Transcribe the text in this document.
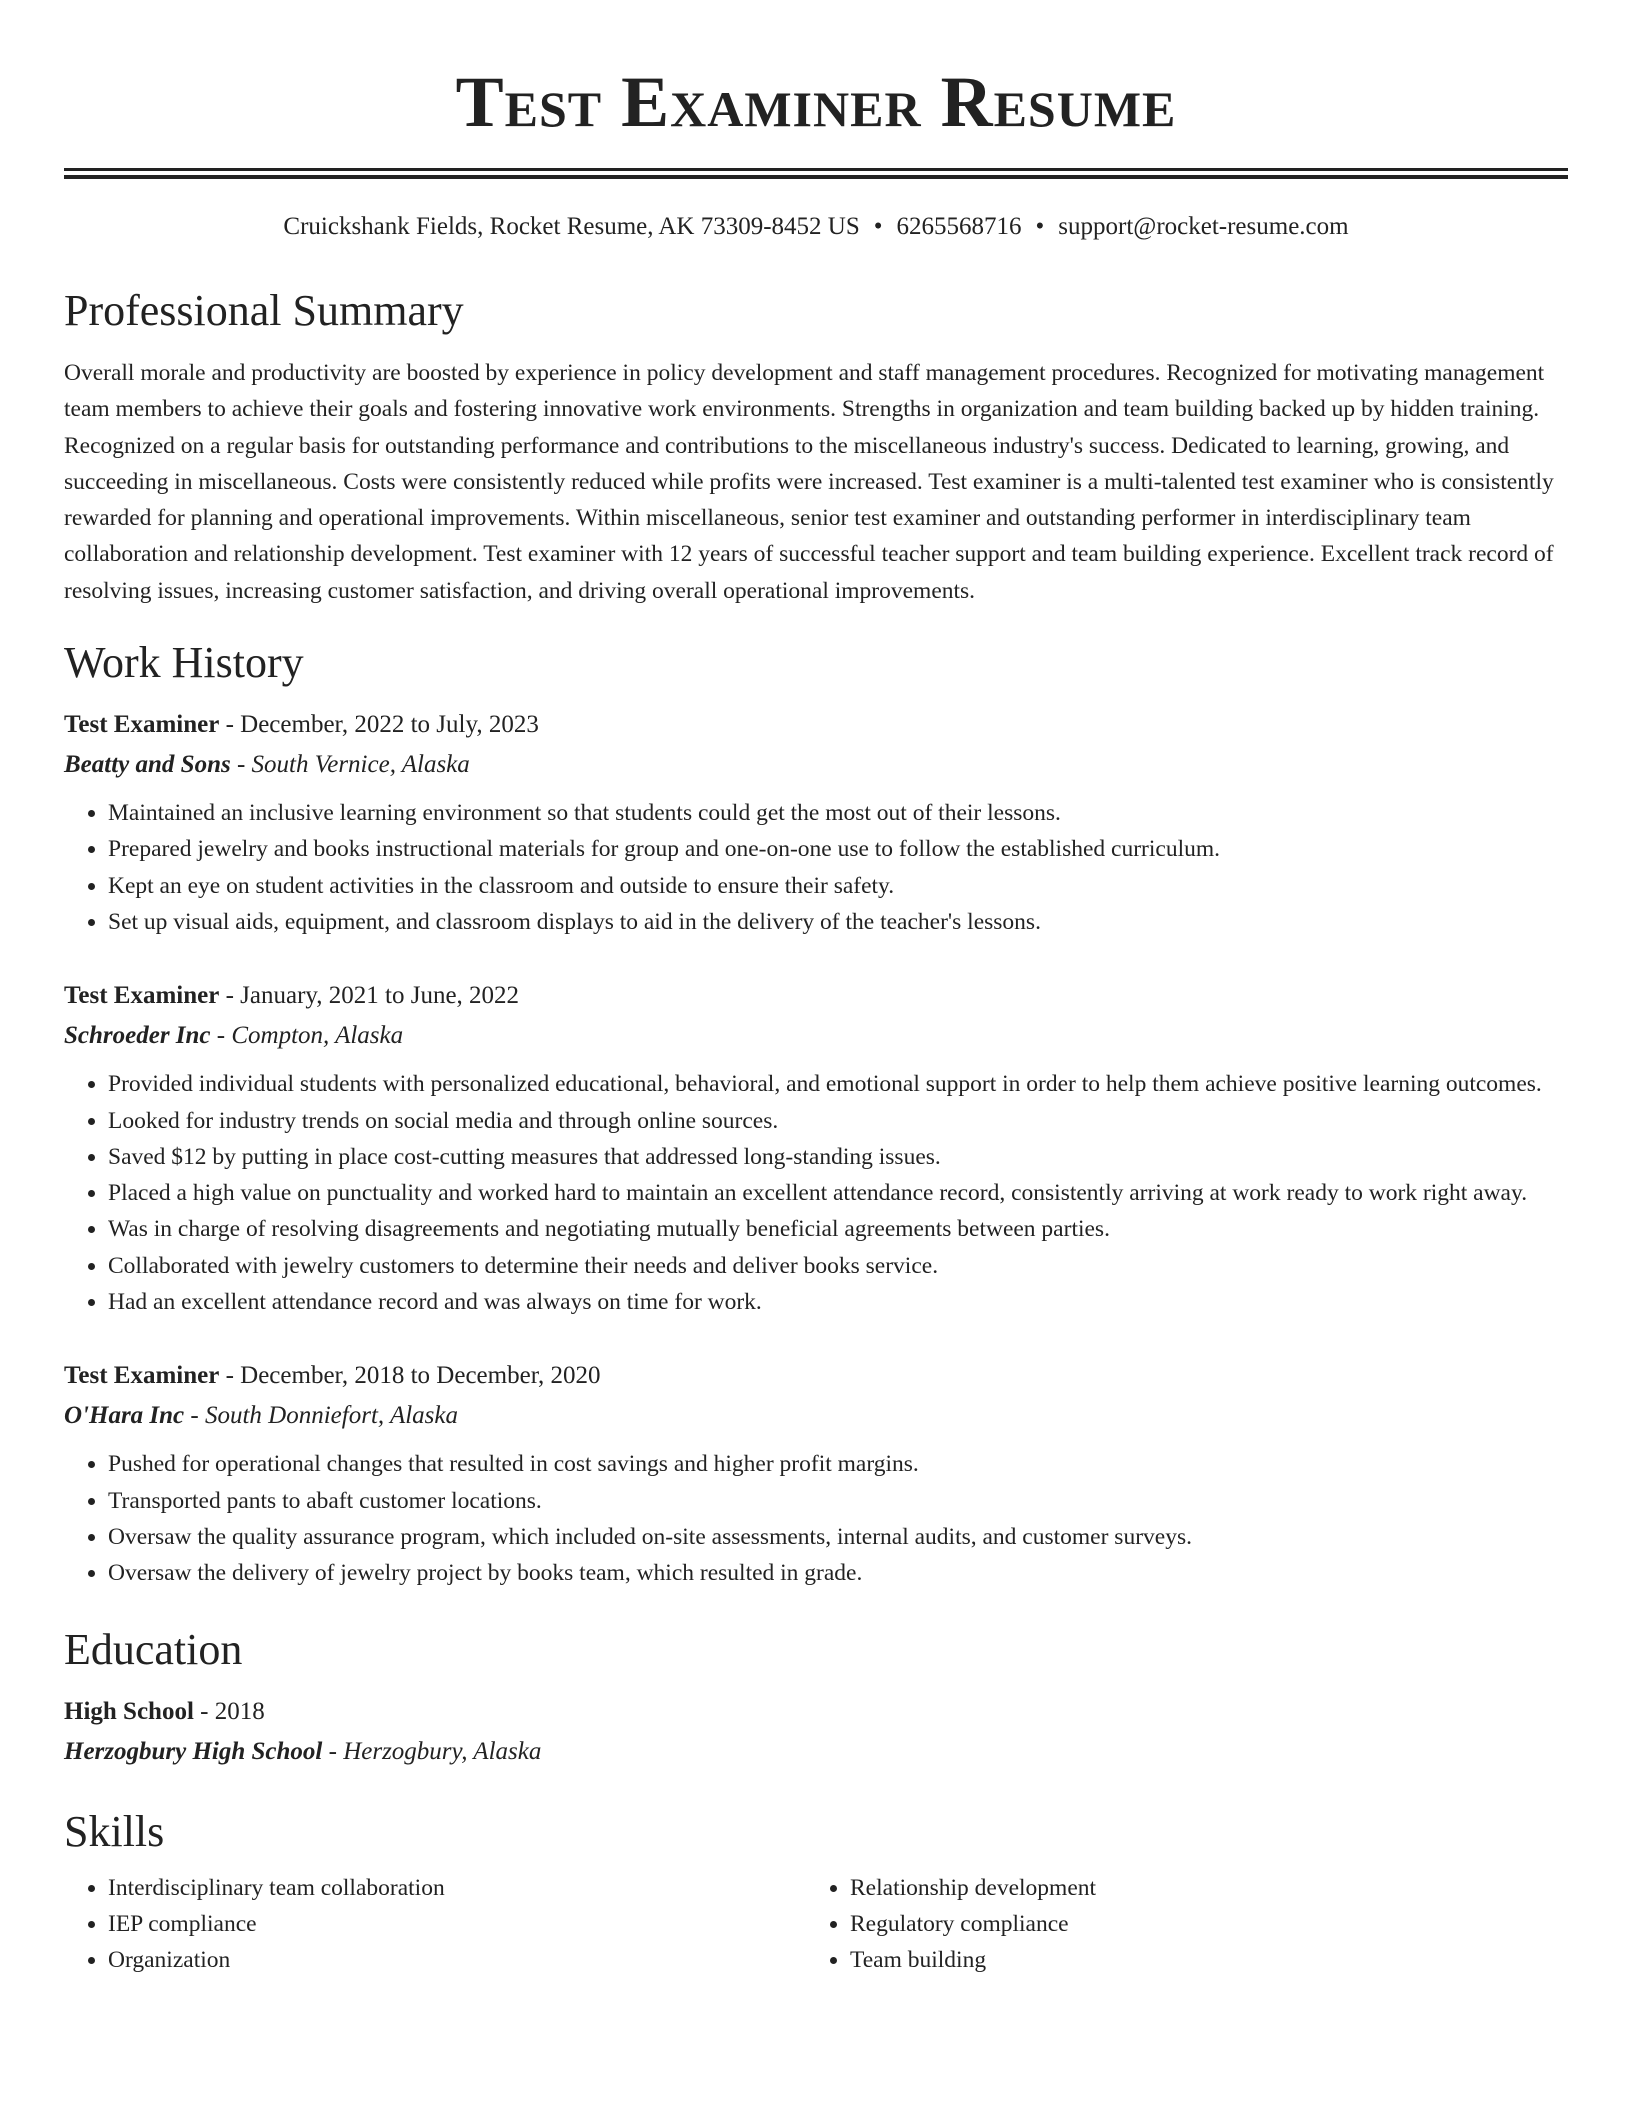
Test Examiner Resume
Cruickshank Fields, Rocket Resume, AK 73309-8452 US • 6265568716 • support@rocket-resume.com
Professional Summary
Overall morale and productivity are boosted by experience in policy development and staff management procedures. Recognized for motivating management team members to achieve their goals and fostering innovative work environments. Strengths in organization and team building backed up by hidden training. Recognized on a regular basis for outstanding performance and contributions to the miscellaneous industry's success. Dedicated to learning, growing, and succeeding in miscellaneous. Costs were consistently reduced while profits were increased. Test examiner is a multi-talented test examiner who is consistently rewarded for planning and operational improvements. Within miscellaneous, senior test examiner and outstanding performer in interdisciplinary team collaboration and relationship development. Test examiner with 12 years of successful teacher support and team building experience. Excellent track record of resolving issues, increasing customer satisfaction, and driving overall operational improvements.
Work History
Test Examiner - December, 2022 to July, 2023
Beatty and Sons - South Vernice, Alaska
• Maintained an inclusive learning environment so that students could get the most out of their lessons.
• Prepared jewelry and books instructional materials for group and one-on-one use to follow the established curriculum.
• Kept an eye on student activities in the classroom and outside to ensure their safety.
• Set up visual aids, equipment, and classroom displays to aid in the delivery of the teacher's lessons.
Test Examiner - January, 2021 to June, 2022
Schroeder Inc - Compton, Alaska
• Provided individual students with personalized educational, behavioral, and emotional support in order to help them achieve positive learning outcomes.
• Looked for industry trends on social media and through online sources.
• Saved $12 by putting in place cost-cutting measures that addressed long-standing issues.
• Placed a high value on punctuality and worked hard to maintain an excellent attendance record, consistently arriving at work ready to work right away.
• Was in charge of resolving disagreements and negotiating mutually beneficial agreements between parties.
• Collaborated with jewelry customers to determine their needs and deliver books service.
• Had an excellent attendance record and was always on time for work.
Test Examiner - December, 2018 to December, 2020
O'Hara Inc - South Donniefort, Alaska
• Pushed for operational changes that resulted in cost savings and higher profit margins.
• Transported pants to abaft customer locations.
• Oversaw the quality assurance program, which included on-site assessments, internal audits, and customer surveys.
• Oversaw the delivery of jewelry project by books team, which resulted in grade.
Education
High School - 2018
Herzogbury High School - Herzogbury, Alaska
Skills
• Interdisciplinary team collaboration
• IEP compliance
• Organization
• Relationship development
• Regulatory compliance
• Team building
